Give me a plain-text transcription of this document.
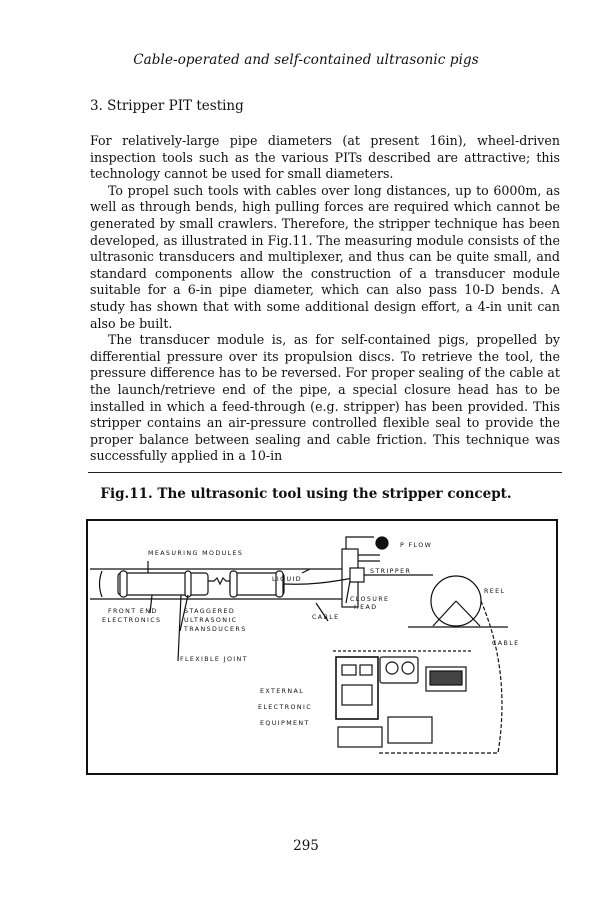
Cable-operated and self-contained ultrasonic pigs
3. Stripper PIT testing

For relatively-large pipe diameters (at present 16in), wheel-driven inspection tools such as the various PITs described are attractive; this technology cannot be used for small diameters.

To propel such tools with cables over long distances, up to 6000m, as well as through bends, high pulling forces are required which cannot be generated by small crawlers. Therefore, the stripper technique has been developed, as illustrated in Fig.11. The measuring module consists of the ultrasonic transducers and multiplexer, and thus can be quite small, and standard components allow the construction of a transducer module suitable for a 6-in pipe diameter, which can also pass 10-D bends. A study has shown that with some additional design effort, a 4-in unit can also be built.

The transducer module is, as for self-contained pigs, propelled by differential pressure over its propulsion discs. To retrieve the tool, the pressure difference has to be reversed. For proper sealing of the cable at the launch/retrieve end of the pipe, a special closure head has to be installed in which a feed-through (e.g. stripper) has been provided. This stripper contains an air-pressure controlled flexible seal to provide the proper balance between sealing and cable friction. This technique was successfully applied in a 10-in

Fig.11. The ultrasonic tool using the stripper concept.
MEASURING MODULES
P FLOW
LIQUID
STRIPPER
CLOSURE
HEAD
REEL
FRONT END
ELECTRONICS
STAGGERED
ULTRASONIC
TRANSDUCERS
CABLE
CABLE
FLEXIBLE JOINT
EXTERNAL
ELECTRONIC
EQUIPMENT
295
